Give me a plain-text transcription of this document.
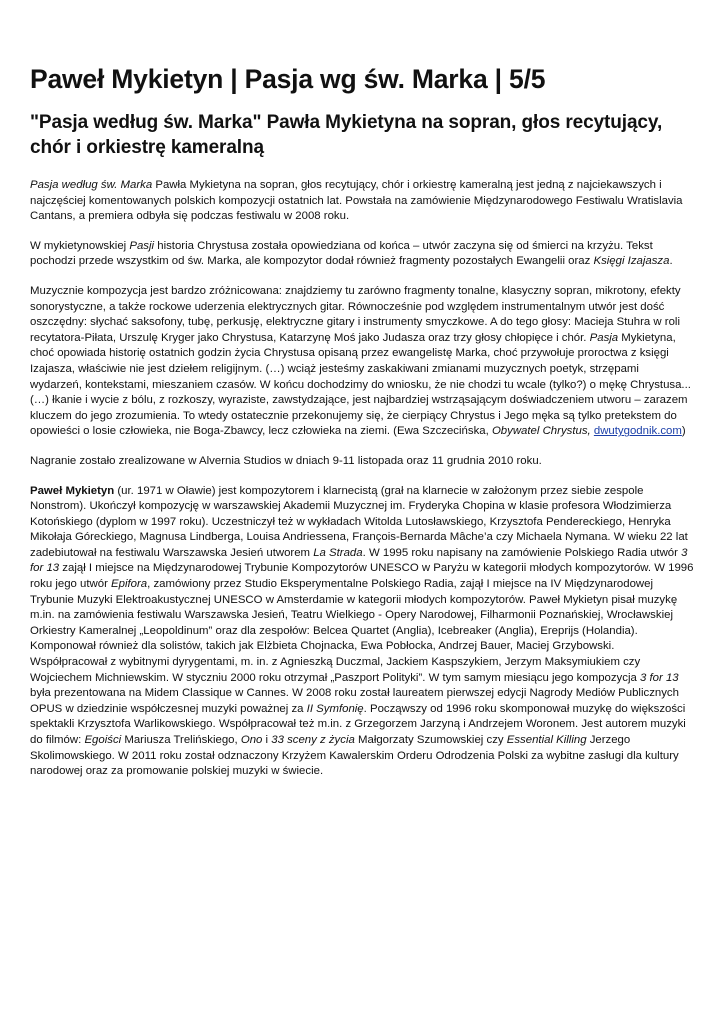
Paweł Mykietyn | Pasja wg św. Marka | 5/5
"Pasja według św. Marka" Pawła Mykietyna na sopran, głos recytujący, chór i orkiestrę kameralną

Pasja według św. Marka Pawła Mykietyna na sopran, głos recytujący, chór i orkiestrę kameralną jest jedną z najciekawszych i najczęściej komentowanych polskich kompozycji ostatnich lat. Powstała na zamówienie Międzynarodowego Festiwalu Wratislavia Cantans, a premiera odbyła się podczas festiwalu w 2008 roku.

W mykietynowskiej Pasji historia Chrystusa została opowiedziana od końca – utwór zaczyna się od śmierci na krzyżu. Tekst pochodzi przede wszystkim od św. Marka, ale kompozytor dodał również fragmenty pozostałych Ewangelii oraz Księgi Izajasza.

Muzycznie kompozycja jest bardzo zróżnicowana: znajdziemy tu zarówno fragmenty tonalne, klasyczny sopran, mikrotony, efekty sonorystyczne, a także rockowe uderzenia elektrycznych gitar. Równocześnie pod względem instrumentalnym utwór jest dość oszczędny: słychać saksofony, tubę, perkusję, elektryczne gitary i instrumenty smyczkowe. A do tego głosy: Macieja Stuhra w roli recytatora-Piłata, Urszulę Kryger jako Chrystusa, Katarzynę Moś jako Judasza oraz trzy głosy chłopięce i chór. Pasja Mykietyna, choć opowiada historię ostatnich godzin życia Chrystusa opisaną przez ewangelistę Marka, choć przywołuje proroctwa z księgi Izajasza, właściwie nie jest dziełem religijnym. (…) wciąż jesteśmy zaskakiwani zmianami muzycznych poetyk, strzępami wydarzeń, kontekstami, mieszaniem czasów. W końcu dochodzimy do wniosku, że nie chodzi tu wcale (tylko?) o mękę Chrystusa... (…) łkanie i wycie z bólu, z rozkoszy, wyraziste, zawstydzające, jest najbardziej wstrząsającym doświadczeniem utworu – zarazem kluczem do jego zrozumienia. To wtedy ostatecznie przekonujemy się, że cierpiący Chrystus i Jego męka są tylko pretekstem do opowieści o losie człowieka, nie Boga-Zbawcy, lecz człowieka na ziemi. (Ewa Szczecińska, Obywatel Chrystus, dwutygodnik.com)

Nagranie zostało zrealizowane w Alvernia Studios w dniach 9-11 listopada oraz 11 grudnia 2010 roku.

Paweł Mykietyn (ur. 1971 w Oławie) jest kompozytorem i klarnecistą (grał na klarnecie w założonym przez siebie zespole Nonstrom). Ukończył kompozycję w warszawskiej Akademii Muzycznej im. Fryderyka Chopina w klasie profesora Włodzimierza Kotońskiego (dyplom w 1997 roku). Uczestniczył też w wykładach Witolda Lutosławskiego, Krzysztofa Pendereckiego, Henryka Mikołaja Góreckiego, Magnusa Lindberga, Louisa Andriessena, François-Bernarda Mâche’a czy Michaela Nymana. W wieku 22 lat zadebiutował na festiwalu Warszawska Jesień utworem La Strada. W 1995 roku napisany na zamówienie Polskiego Radia utwór 3 for 13 zajął I miejsce na Międzynarodowej Trybunie Kompozytorów UNESCO w Paryżu w kategorii młodych kompozytorów. W 1996 roku jego utwór Epifora, zamówiony przez Studio Eksperymentalne Polskiego Radia, zajął I miejsce na IV Międzynarodowej Trybunie Muzyki Elektroakustycznej UNESCO w Amsterdamie w kategorii młodych kompozytorów. Paweł Mykietyn pisał muzykę m.in. na zamówienia festiwalu Warszawska Jesień, Teatru Wielkiego - Opery Narodowej, Filharmonii Poznańskiej, Wrocławskiej Orkiestry Kameralnej „Leopoldinum” oraz dla zespołów: Belcea Quartet (Anglia), Icebreaker (Anglia), Ereprijs (Holandia). Komponował również dla solistów, takich jak Elżbieta Chojnacka, Ewa Pobłocka, Andrzej Bauer, Maciej Grzybowski. Współpracował z wybitnymi dyrygentami, m. in. z Agnieszką Duczmal, Jackiem Kaspszykiem, Jerzym Maksymiukiem czy Wojciechem Michniewskim. W styczniu 2000 roku otrzymał „Paszport Polityki”. W tym samym miesiącu jego kompozycja 3 for 13 była prezentowana na Midem Classique w Cannes. W 2008 roku został laureatem pierwszej edycji Nagrody Mediów Publicznych OPUS w dziedzinie współczesnej muzyki poważnej za II Symfonię. Począwszy od 1996 roku skomponował muzykę do większości spektakli Krzysztofa Warlikowskiego. Współpracował też m.in. z Grzegorzem Jarzyną i Andrzejem Woronem. Jest autorem muzyki do filmów: Egoiści Mariusza Trelińskiego, Ono i 33 sceny z życia Małgorzaty Szumowskiej czy Essential Killing Jerzego Skolimowskiego. W 2011 roku został odznaczony Krzyżem Kawalerskim Orderu Odrodzenia Polski za wybitne zasługi dla kultury narodowej oraz za promowanie polskiej muzyki w świecie.
